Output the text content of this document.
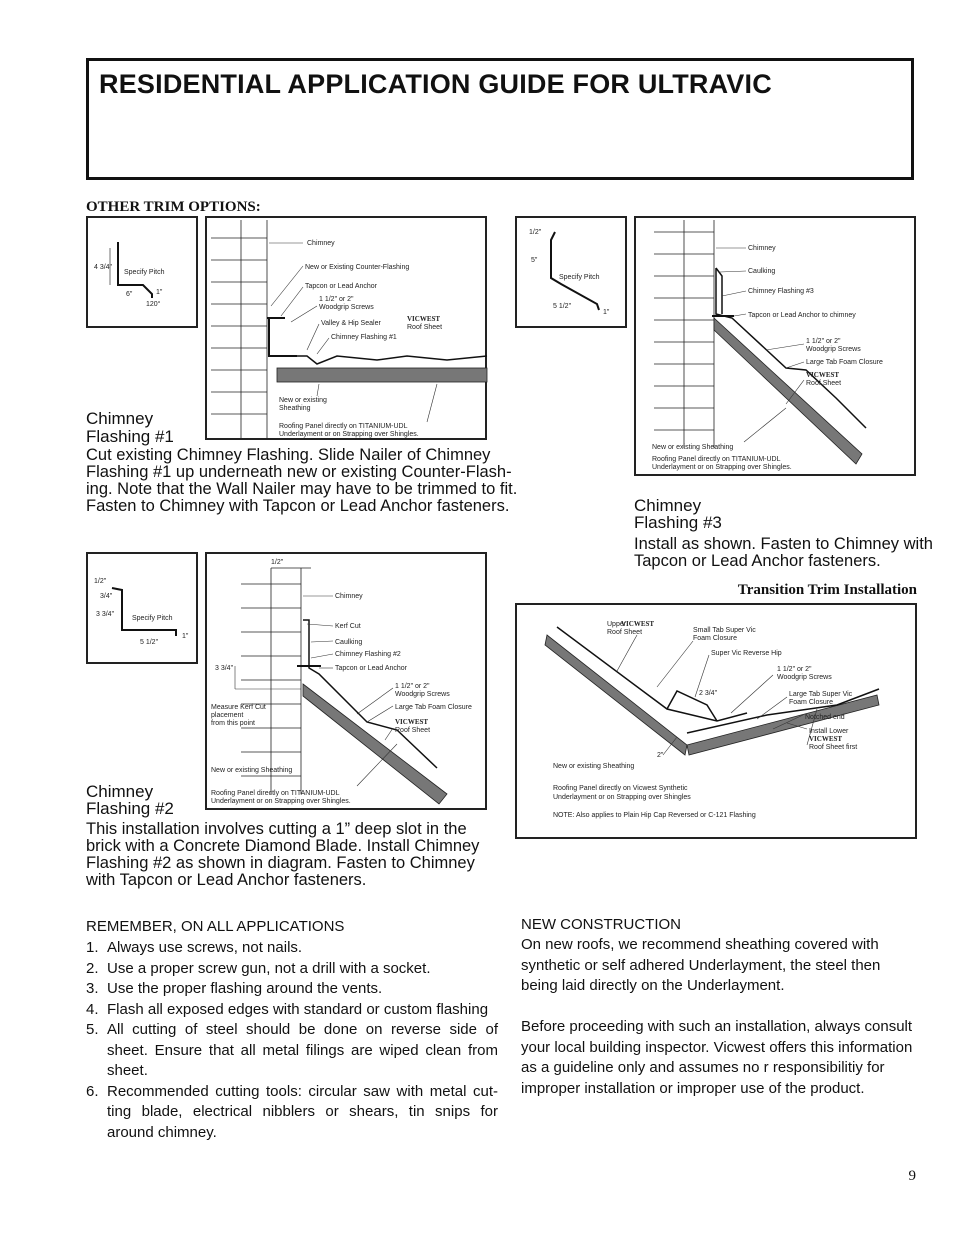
RESIDENTIAL APPLICATION GUIDE FOR ULTRAVIC
OTHER TRIM OPTIONS:
4 3/4"
Specify Pitch
6"	1"
120°
Chimney
New or Existing Counter-Flashing
Tapcon or Lead Anchor
1 1/2" or 2"
Woodgrip Screws
Valley & Hip Sealer
VICWEST
Roof Sheet
Chimney Flashing #1
New or existing
Sheathing
Roofing Panel directly on TITANIUM-UDL
Underlayment or on Strapping over Shingles.
Chimney
Flashing #1
Cut existing Chimney Flashing. Slide Nailer of Chimney Flashing #1 up underneath new or existing Counter-Flash-ing. Note that the Wall Nailer may have to be trimmed to fit. Fasten to Chimney with Tapcon or Lead Anchor fasteners.
1/2"
5"
Specify Pitch
5 1/2"
1"
Chimney
Caulking
Chimney Flashing #3
Tapcon or Lead Anchor to chimney
1 1/2" or 2"
Woodgrip Screws
Large Tab Foam Closure
VICWEST
Roof Sheet
New or existing Sheathing
Roofing Panel directly on TITANIUM-UDL
Underlayment or on Strapping over Shingles.
Chimney
Flashing #3
Install as shown. Fasten to Chimney with Tapcon or Lead Anchor fasteners.
1/2"
3/4"
3 3/4"
Specify Pitch
5 1/2"
1"
1/2"
Chimney
Kerf Cut
Caulking
Chimney Flashing #2
3 3/4"	Tapcon or Lead Anchor
1 1/2" or 2"
Woodgrip Screws
Large Tab Foam Closure
Measure Kerf Cut
placement
from this point	VICWEST
Roof Sheet
New or existing Sheathing
Roofing Panel directly on TITANIUM-UDL
Underlayment or on Strapping over Shingles.
Chimney
Flashing #2
This installation involves cutting a 1” deep slot in the brick with a Concrete Diamond Blade. Install Chimney Flashing #2 as shown in diagram. Fasten to Chimney with Tapcon or Lead Anchor fasteners.
Transition Trim Installation
Upper
VICWEST
Roof Sheet	Small Tab Super Vic
Foam Closure
Super Vic Reverse Hip
1 1/2" or 2"
Woodgrip Screws
2 3/4"	Large Tab Super Vic
Foam Closure
Notched end
Install Lower
VICWEST
Roof Sheet first
2"
New or existing Sheathing
Roofing Panel directly on Vicwest Synthetic
Underlayment or on Strapping over Shingles
NOTE: Also applies to Plain Hip Cap Reversed or C-121 Flashing
REMEMBER, ON ALL APPLICATIONS
1. Always use screws, not nails.
2. Use a proper screw gun, not a drill with a socket.
3. Use the proper flashing around the vents.
4. Flash all exposed edges with standard or custom flashing
5. All cutting of steel should be done on reverse side of sheet. Ensure that all metal filings are wiped clean from sheet.
6. Recommended cutting tools: circular saw with metal cut-ting blade, electrical nibblers or shears, tin snips for around chimney.
NEW CONSTRUCTION
On new roofs, we recommend sheathing covered with synthetic or self adhered Underlayment, the steel then being laid directly on the Underlayment.
Before proceeding with such an installation, always consult your local building inspector. Vicwest offers this information as a guideline only and assumes no r responsibilitiy for improper installation or improper use of the product.
9
